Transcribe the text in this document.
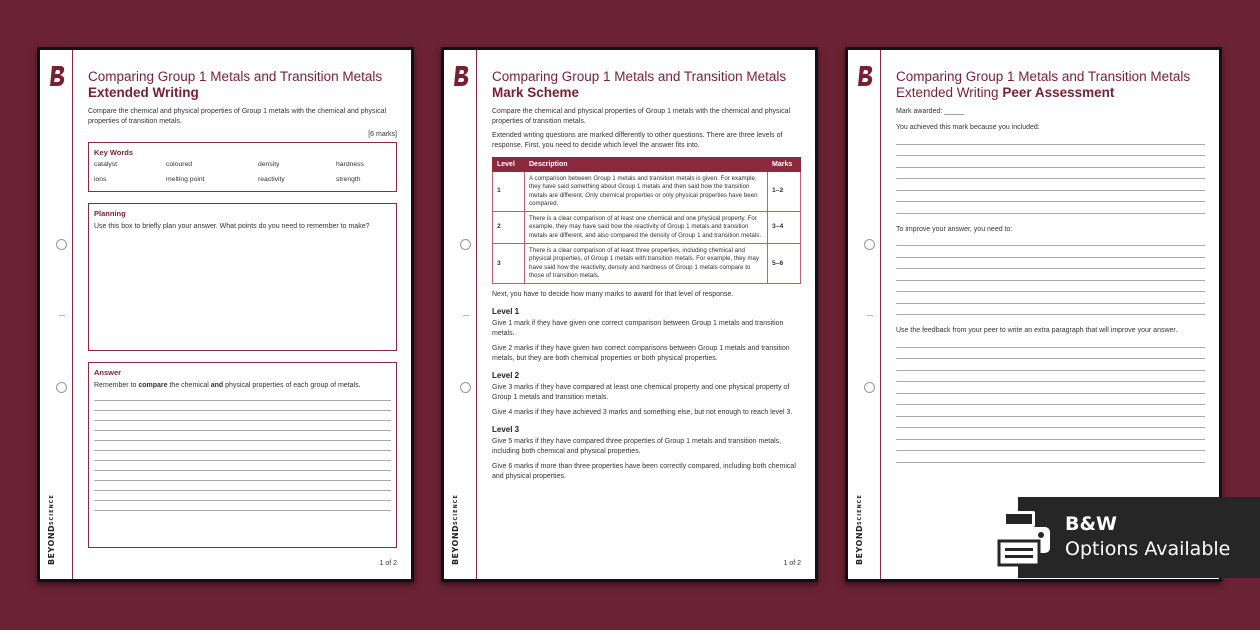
BEYONDSCIENCE
Comparing Group 1 Metals and Transition Metals
Extended Writing
Compare the chemical and physical properties of Group 1 metals with the chemical and physical properties of transition metals.
[6 marks]
Key Words
catalyst	coloured	density	hardness
ions	melting point	reactivity	strength
Planning
Use this box to briefly plan your answer. What points do you need to remember to make?
Answer
Remember to compare the chemical and physical properties of each group of metals.
1 of 2	BEYONDSCIENCE
Comparing Group 1 Metals and Transition Metals
Mark Scheme
Compare the chemical and physical properties of Group 1 metals with the chemical and physical properties of transition metals.
Extended writing questions are marked differently to other questions. There are three levels of response. First, you need to decide which level the answer fits into.
Level	Description	Marks
1	A comparison between Group 1 metals and transition metals is given. For example, they have said something about Group 1 metals and then said how the transition metals are different. Only chemical properties or only physical properties have been compared.	1–2
2	There is a clear comparison of at least one chemical and one physical property. For example, they may have said how the reactivity of Group 1 metals and transition metals are different, and also compared the density of Group 1 and transition metals.	3–4
3	There is a clear comparison of at least three properties, including chemical and physical properties, of Group 1 metals with transition metals. For example, they may have said how the reactivity, density and hardness of Group 1 metals compare to those of transition metals.	5–6
Next, you have to decide how many marks to award for that level of response.
Level 1
Give 1 mark if they have given one correct comparison between Group 1 metals and transition metals.
Give 2 marks if they have given two correct comparisons between Group 1 metals and transition metals, but they are both chemical properties or both physical properties.
Level 2
Give 3 marks if they have compared at least one chemical property and one physical property of Group 1 metals and transition metals.
Give 4 marks if they have achieved 3 marks and something else, but not enough to reach level 3.
Level 3
Give 5 marks if they have compared three properties of Group 1 metals and transition metals, including both chemical and physical properties.
Give 6 marks if more than three properties have been correctly compared, including both chemical and physical properties.
1 of 2	BEYONDSCIENCE
Comparing Group 1 Metals and Transition Metals
Extended Writing Peer Assessment
Mark awarded: _____
You achieved this mark because you included:
To improve your answer, you need to:
Use the feedback from your peer to write an extra paragraph that will improve your answer.
B&W
Options Available
